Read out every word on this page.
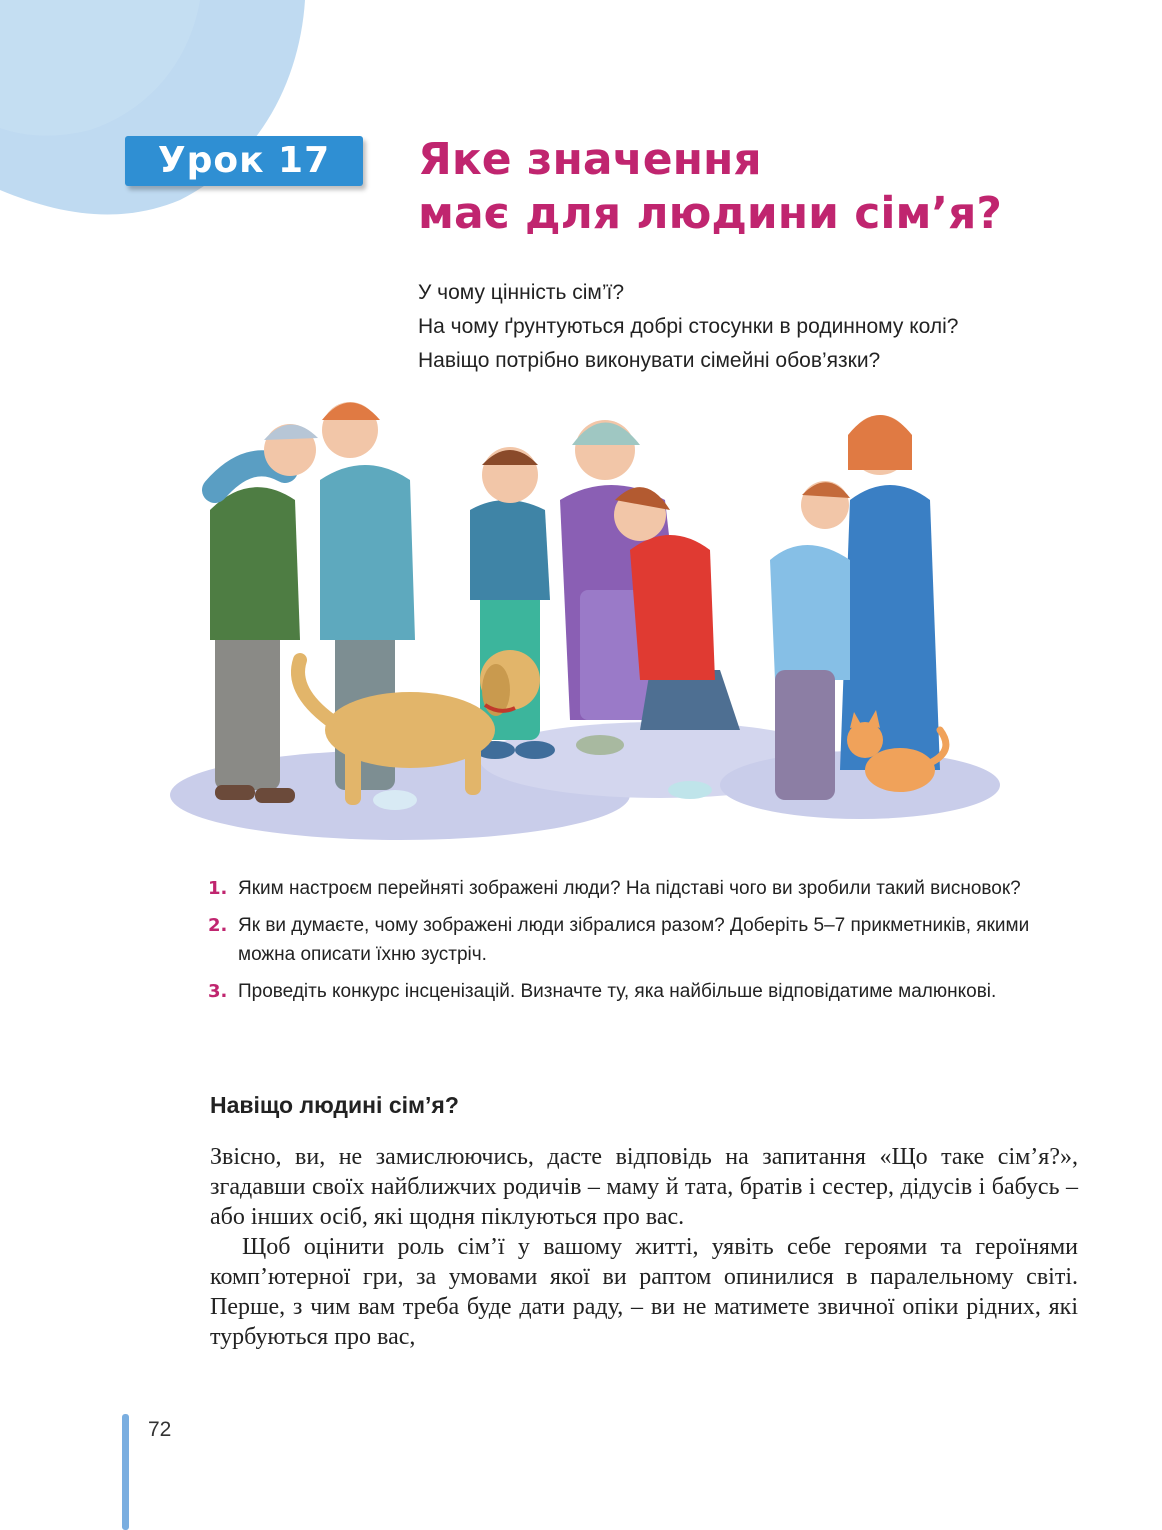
Урок 17	Яке значення
має для людини сім’я?
У чому цінність сім’ї?
На чому ґрунтуються добрі стосунки в родинному колі?
Навіщо потрібно виконувати сімейні обов’язки?
1. Яким настроєм перейняті зображені люди? На підставі чого ви зробили такий висновок?
2. Як ви думаєте, чому зображені люди зібралися разом? Доберіть 5–7 прикметників, якими можна описати їхню зустріч.
3. Проведіть конкурс інсценізацій. Визначте ту, яка найбільше відповідатиме малюнкові.
Навіщо людині сім’я?

Звісно, ви, не замислюючись, дасте відповідь на запитання «Що таке сім’я?», згадавши своїх найближчих родичів – маму й тата, братів і сестер, дідусів і бабусь – або інших осіб, які щодня піклуються про вас.

Щоб оцінити роль сім’ї у вашому житті, уявіть себе героями та героїнями комп’ютерної гри, за умовами якої ви раптом опинилися в паралельному світі. Перше, з чим вам треба буде дати раду, – ви не матимете звичної опіки рідних, які турбуються про вас,

72
